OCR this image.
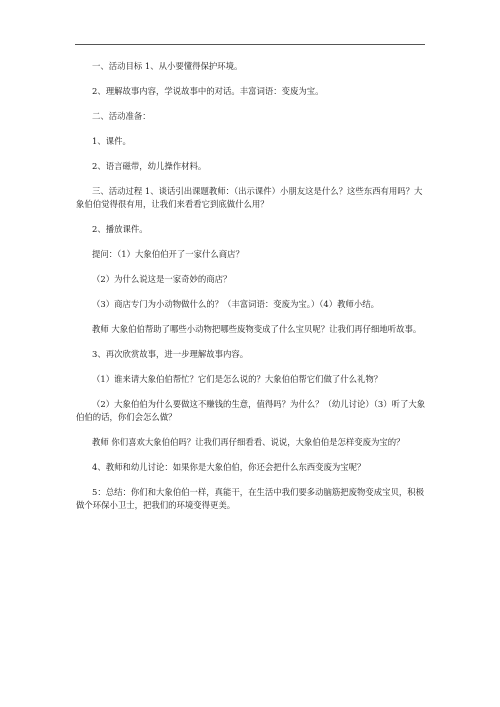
一、活动目标 1、从小要懂得保护环境。

2、理解故事内容，学说故事中的对话。丰富词语：变废为宝。

二、活动准备：

1、课件。

2、语言磁带，幼儿操作材料。

三、活动过程 1、谈话引出课题教师：（出示课件）小朋友这是什么？这些东西有用吗？大象伯伯觉得很有用，让我们来看看它到底做什么用？

2、播放课件。

提问：（1）大象伯伯开了一家什么商店？

（2）为什么说这是一家奇妙的商店？

（3）商店专门为小动物做什么的？（丰富词语：变废为宝。）（4）教师小结。

教师 大象伯伯帮助了哪些小动物把哪些废物变成了什么宝贝呢？让我们再仔细地听故事。

3、再次欣赏故事，进一步理解故事内容。

（1）谁来请大象伯伯帮忙？它们是怎么说的？大象伯伯帮它们做了什么礼物？

（2）大象伯伯为什么要做这不赚钱的生意，值得吗？为什么？（幼儿讨论）（3）听了大象伯伯的话，你们会怎么做？

教师 你们喜欢大象伯伯吗？让我们再仔细看看、说说，大象伯伯是怎样变废为宝的？

4、教师和幼儿讨论：如果你是大象伯伯，你还会把什么东西变废为宝呢？

5：总结：你们和大象伯伯一样，真能干，在生活中我们要多动脑筋把废物变成宝贝，积极做个环保小卫士，把我们的环境变得更美。
